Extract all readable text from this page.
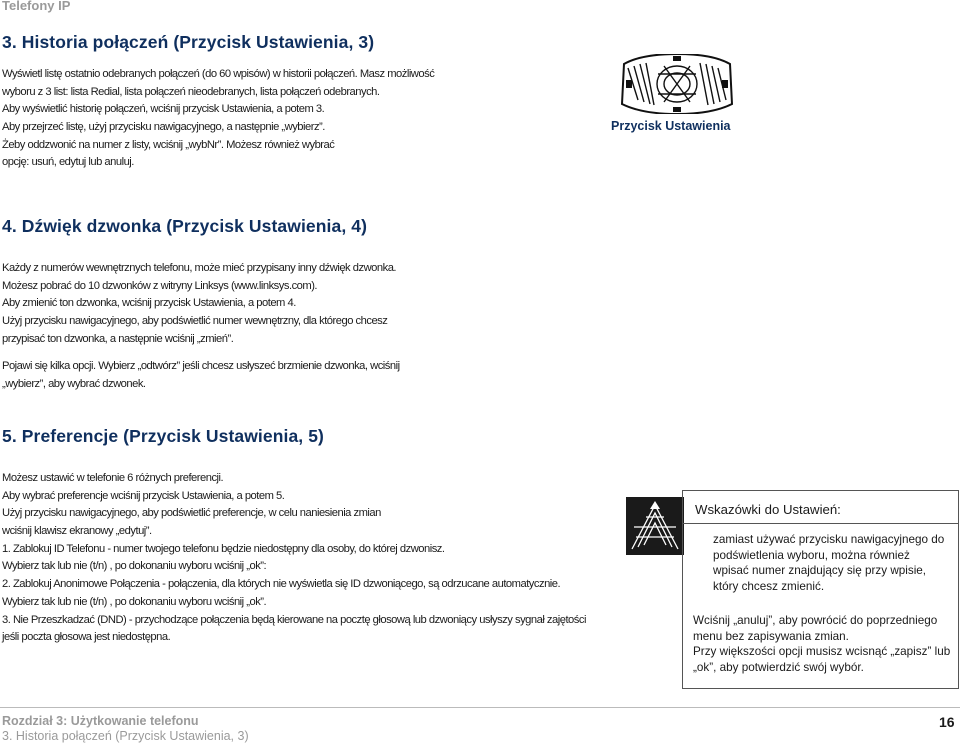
Telefony IP
3. Historia połączeń (Przycisk Ustawienia, 3)
Wyświetl listę ostatnio odebranych połączeń (do 60 wpisów) w historii połączeń. Masz możliwość
wyboru z 3 list: lista Redial, lista połączeń nieodebranych, lista połączeń odebranych.
Aby wyświetlić historię połączeń, wciśnij przycisk Ustawienia, a potem 3.
Aby przejrzeć listę, użyj przycisku nawigacyjnego, a następnie „wybierz”.
Żeby oddzwonić na numer z listy, wciśnij „wybNr”. Możesz również wybrać
opcję: usuń, edytuj lub anuluj.
Przycisk Ustawienia
4. Dźwięk dzwonka (Przycisk Ustawienia, 4)
Każdy z numerów wewnętrznych telefonu, może mieć przypisany inny dźwięk dzwonka.
Możesz pobrać do 10 dzwonków z witryny Linksys (www.linksys.com).
Aby zmienić ton dzwonka, wciśnij przycisk Ustawienia, a potem 4.
Użyj przycisku nawigacyjnego, aby podświetlić numer wewnętrzny, dla którego chcesz
przypisać ton dzwonka, a następnie wciśnij „zmień”.
Pojawi się kilka opcji. Wybierz „odtwórz” jeśli chcesz usłyszeć brzmienie dzwonka, wciśnij
„wybierz”, aby wybrać dzwonek.
5. Preferencje (Przycisk Ustawienia, 5)
Możesz ustawić w telefonie 6 różnych preferencji.
Aby wybrać preferencje wciśnij przycisk Ustawienia, a potem 5.
Użyj przycisku nawigacyjnego, aby podświetlić preferencje, w celu naniesienia zmian
wciśnij klawisz ekranowy „edytuj”.
1. Zablokuj ID Telefonu - numer twojego telefonu będzie niedostępny dla osoby, do której dzwonisz.
Wybierz tak lub nie (t/n) , po dokonaniu wyboru wciśnij „ok”:
2. Zablokuj Anonimowe Połączenia - połączenia, dla których nie wyświetla się ID dzwoniącego, są odrzucane automatycznie.
Wybierz tak lub nie (t/n) , po dokonaniu wyboru wciśnij „ok”.
3. Nie Przeszkadzać (DND) - przychodzące połączenia będą kierowane na pocztę głosową lub dzwoniący usłyszy sygnał zajętości
jeśli poczta głosowa jest niedostępna.
Wskazówki do Ustawień:
zamiast używać przycisku nawigacyjnego do
podświetlenia wyboru, można również
wpisać numer znajdujący się przy wpisie,
który chcesz zmienić.
Wciśnij „anuluj”, aby powrócić do poprzedniego
menu bez zapisywania zmian.
Przy większości opcji musisz wcisnąć „zapisz” lub
„ok”, aby potwierdzić swój wybór.
Rozdział 3: Użytkowanie telefonu
3. Historia połączeń (Przycisk Ustawienia, 3)
16
